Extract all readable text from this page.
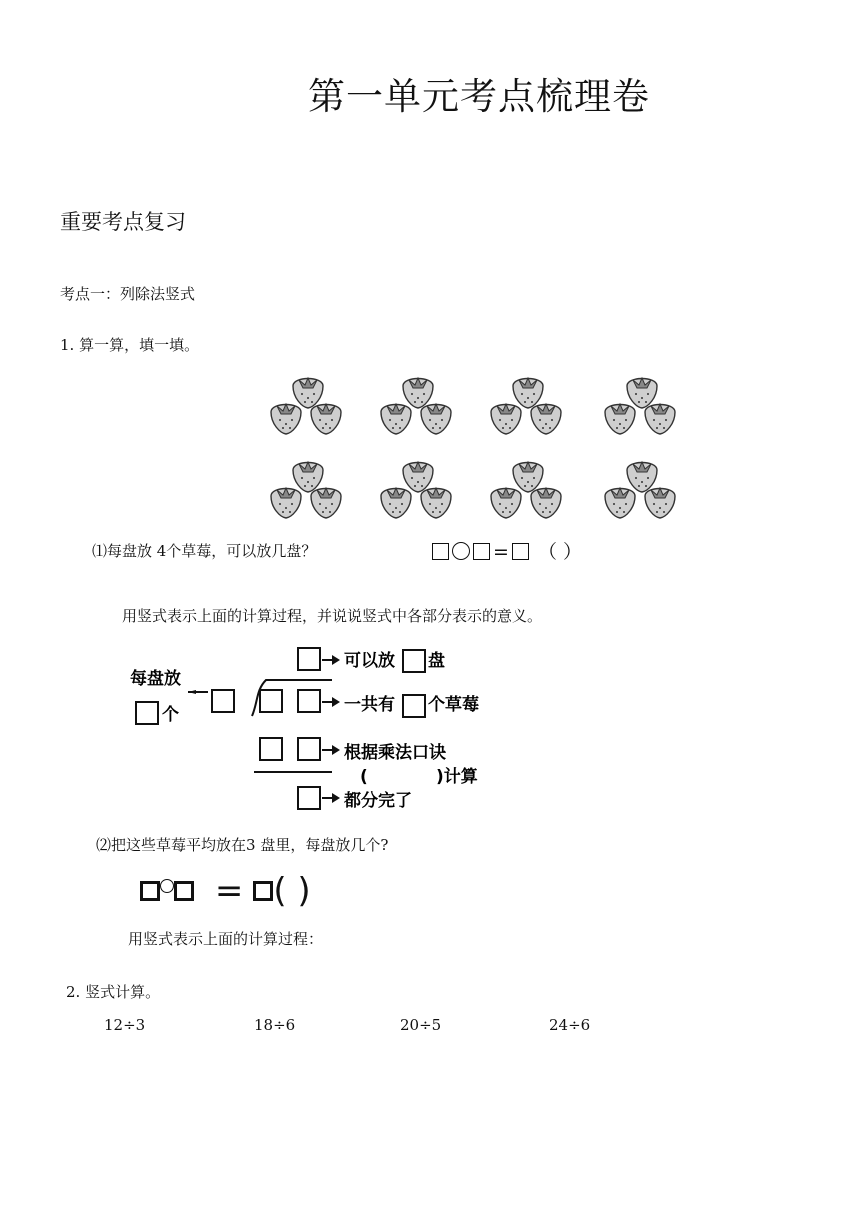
第一单元考点梳理卷
重要考点复习
考点一：列除法竖式
1. 算一算，填一填。
⑴每盘放 4个草莓，可以放几盘？	= （ ）
用竖式表示上面的计算过程，并说说竖式中各部分表示的意义。
每盘放
个
可以放 盘
一共有 个草莓
根据乘法口诀
(	)计算
都分完了
⑵把这些草莓平均放在3 盘里，每盘放几个?
= ( )
用竖式表示上面的计算过程：
2. 竖式计算。
12÷3	18÷6	20÷5	24÷6
